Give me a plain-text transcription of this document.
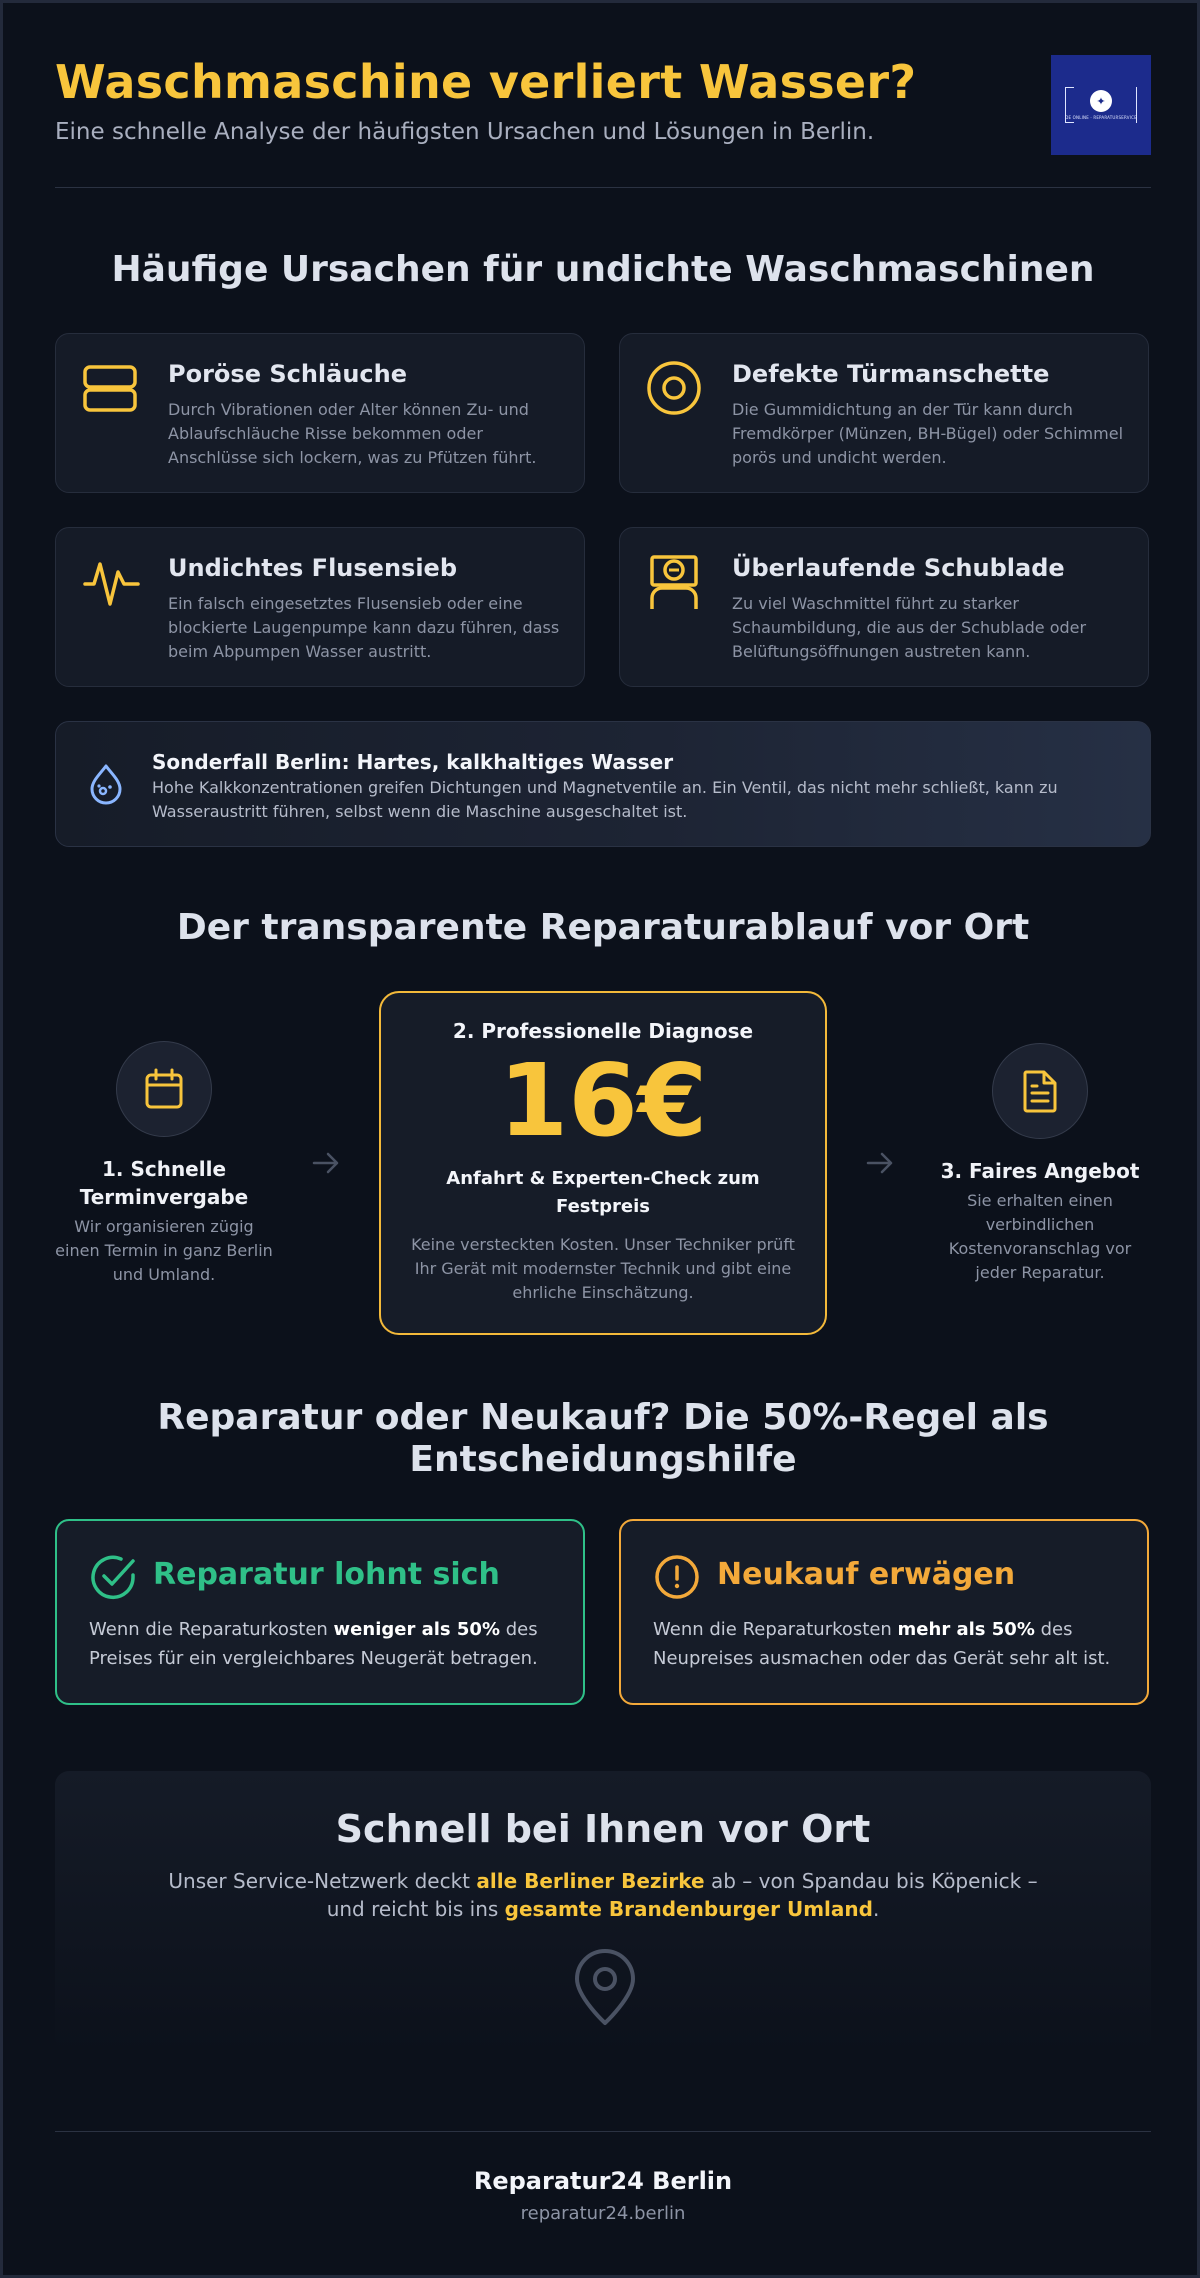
Waschmaschine verliert Wasser?
Eine schnelle Analyse der häufigsten Ursachen und Lösungen in Berlin.
✦
DE ONLINE · REPARATURSERVICE
Häufige Ursachen für undichte Waschmaschinen
Poröse Schläuche
Durch Vibrationen oder Alter können Zu- und Ablaufschläuche Risse bekommen oder Anschlüsse sich lockern, was zu Pfützen führt.
Defekte Türmanschette
Die Gummidichtung an der Tür kann durch Fremdkörper (Münzen, BH-Bügel) oder Schimmel porös und undicht werden.
Undichtes Flusensieb
Ein falsch eingesetztes Flusensieb oder eine blockierte Laugenpumpe kann dazu führen, dass beim Abpumpen Wasser austritt.
Überlaufende Schublade
Zu viel Waschmittel führt zu starker Schaumbildung, die aus der Schublade oder Belüftungsöffnungen austreten kann.
Sonderfall Berlin: Hartes, kalkhaltiges Wasser
Hohe Kalkkonzentrationen greifen Dichtungen und Magnetventile an. Ein Ventil, das nicht mehr schließt, kann zu Wasseraustritt führen, selbst wenn die Maschine ausgeschaltet ist.
Der transparente Reparaturablauf vor Ort
1. Schnelle Terminvergabe
Wir organisieren zügig einen Termin in ganz Berlin und Umland.
2. Professionelle Diagnose
16€
Anfahrt & Experten-Check zum Festpreis
Keine versteckten Kosten. Unser Techniker prüft Ihr Gerät mit modernster Technik und gibt eine ehrliche Einschätzung.
3. Faires Angebot
Sie erhalten einen verbindlichen Kostenvoranschlag vor jeder Reparatur.
Reparatur oder Neukauf? Die 50%-Regel als Entscheidungshilfe
Reparatur lohnt sich
Wenn die Reparaturkosten weniger als 50% des Preises für ein vergleichbares Neugerät betragen.
Neukauf erwägen
Wenn die Reparaturkosten mehr als 50% des Neupreises ausmachen oder das Gerät sehr alt ist.
Schnell bei Ihnen vor Ort
Unser Service-Netzwerk deckt alle Berliner Bezirke ab – von Spandau bis Köpenick – und reicht bis ins gesamte Brandenburger Umland.
Reparatur24 Berlin
reparatur24.berlin
